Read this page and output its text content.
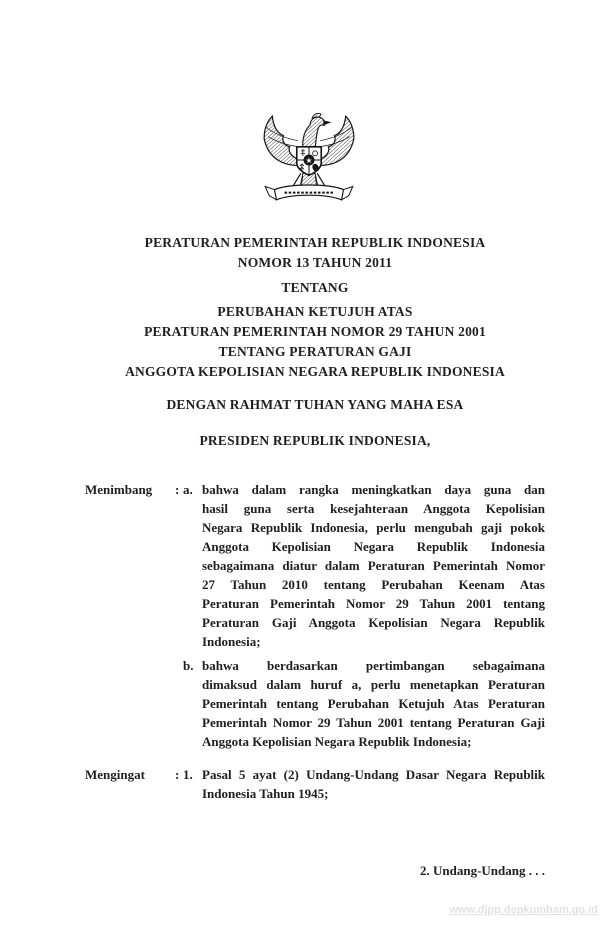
★
PERATURAN PEMERINTAH REPUBLIK INDONESIA
NOMOR 13 TAHUN 2011
TENTANG
PERUBAHAN KETUJUH ATAS
PERATURAN PEMERINTAH NOMOR 29 TAHUN 2001
TENTANG PERATURAN GAJI
ANGGOTA KEPOLISIAN NEGARA REPUBLIK INDONESIA
DENGAN RAHMAT TUHAN YANG MAHA ESA
PRESIDEN REPUBLIK INDONESIA,
Menimbang	: a. bahwa dalam rangka meningkatkan daya guna dan
hasil guna serta kesejahteraan Anggota Kepolisian
Negara Republik Indonesia, perlu mengubah gaji pokok
Anggota Kepolisian Negara Republik Indonesia
sebagaimana diatur dalam Peraturan Pemerintah Nomor
27 Tahun 2010 tentang Perubahan Keenam Atas
Peraturan Pemerintah Nomor 29 Tahun 2001 tentang
Peraturan Gaji Anggota Kepolisian Negara Republik
Indonesia;
b. bahwa berdasarkan pertimbangan sebagaimana
dimaksud dalam huruf a, perlu menetapkan Peraturan
Pemerintah tentang Perubahan Ketujuh Atas Peraturan
Pemerintah Nomor 29 Tahun 2001 tentang Peraturan Gaji
Anggota Kepolisian Negara Republik Indonesia;
Mengingat	: 1. Pasal 5 ayat (2) Undang-Undang Dasar Negara Republik
Indonesia Tahun 1945;
2. Undang-Undang . . .
www.djpp.depkumham.go.id
